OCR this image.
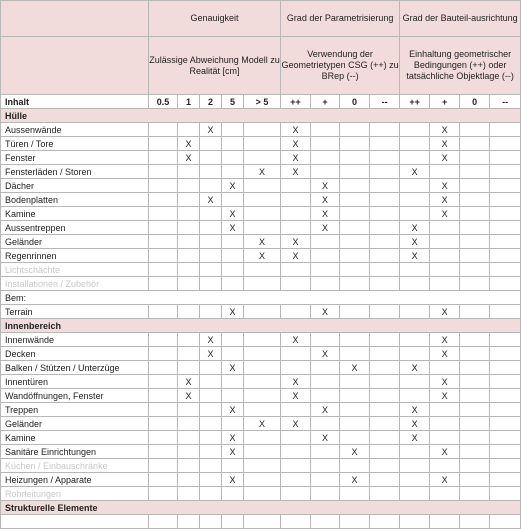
	Genauigkeit					Grad der Parametrisierung				Grad der Bauteil-ausrichtung			
	Zulässige Abweichung Modell zu Realität [cm]					Verwendung der Geometrietypen CSG (++) zu BRep (--)				Einhaltung geometrischer Bedingungen (++) oder tatsächliche Objektlage (--)			
Inhalt	0.5	1	2	5	> 5	++	+	0	--	++	+	0	--
Hülle													
Aussenwände			X			X					X		
Türen / Tore		X				X					X		
Fenster		X				X					X		
Fensterläden / Storen					X	X				X			
Dächer				X			X				X		
Bodenplatten			X				X				X		
Kamine				X			X				X		
Aussentreppen				X			X			X			
Geländer					X	X				X			
Regenrinnen					X	X				X			
Lichtschächte													
Installationen / Zubehör													
Bem:													
Terrain				X			X				X		
Innenbereich													
Innenwände			X			X					X		
Decken			X				X				X		
Balken / Stützen / Unterzüge				X				X		X			
Innentüren		X				X					X		
Wandöffnungen, Fenster		X				X					X		
Treppen				X			X			X			
Geländer					X	X				X			
Kamine				X			X			X			
Sanitäre Einrichtungen				X				X			X		
Küchen / Einbauschränke													
Heizungen / Apparate				X				X			X		
Rohrleitungen													
Strukturelle Elemente													
